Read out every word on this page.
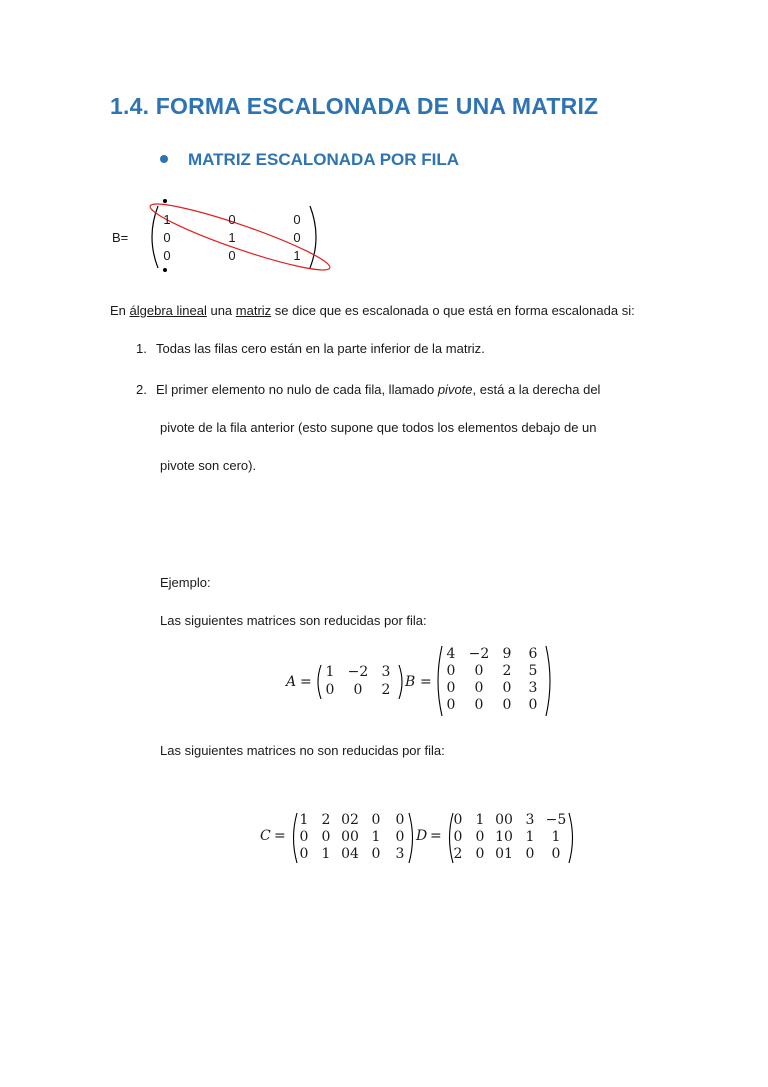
1.4. FORMA ESCALONADA DE UNA MATRIZ
MATRIZ ESCALONADA POR FILA
B=
1	0	0
0	1	0
0	0	1
En álgebra lineal una matriz se dice que es escalonada o que está en forma escalonada si:
1. Todas las filas cero están en la parte inferior de la matriz.
2. El primer elemento no nulo de cada fila, llamado pivote, está a la derecha del
pivote de la fila anterior (esto supone que todos los elementos debajo de un
pivote son cero).
Ejemplo:
Las siguientes matrices son reducidas por fila:
A =
1 −2 3
0	0	2	B =
4 −2 9	6
0	0	2	5
0	0	0	3
0	0	0	0
Las siguientes matrices no son reducidas por fila:
C =
1 2 02 0	0
0 0 00 1	0
0 1 04 0	3
D =
0 1 00 3 −5
0 0 10 1	1
2 0 01 0	0
